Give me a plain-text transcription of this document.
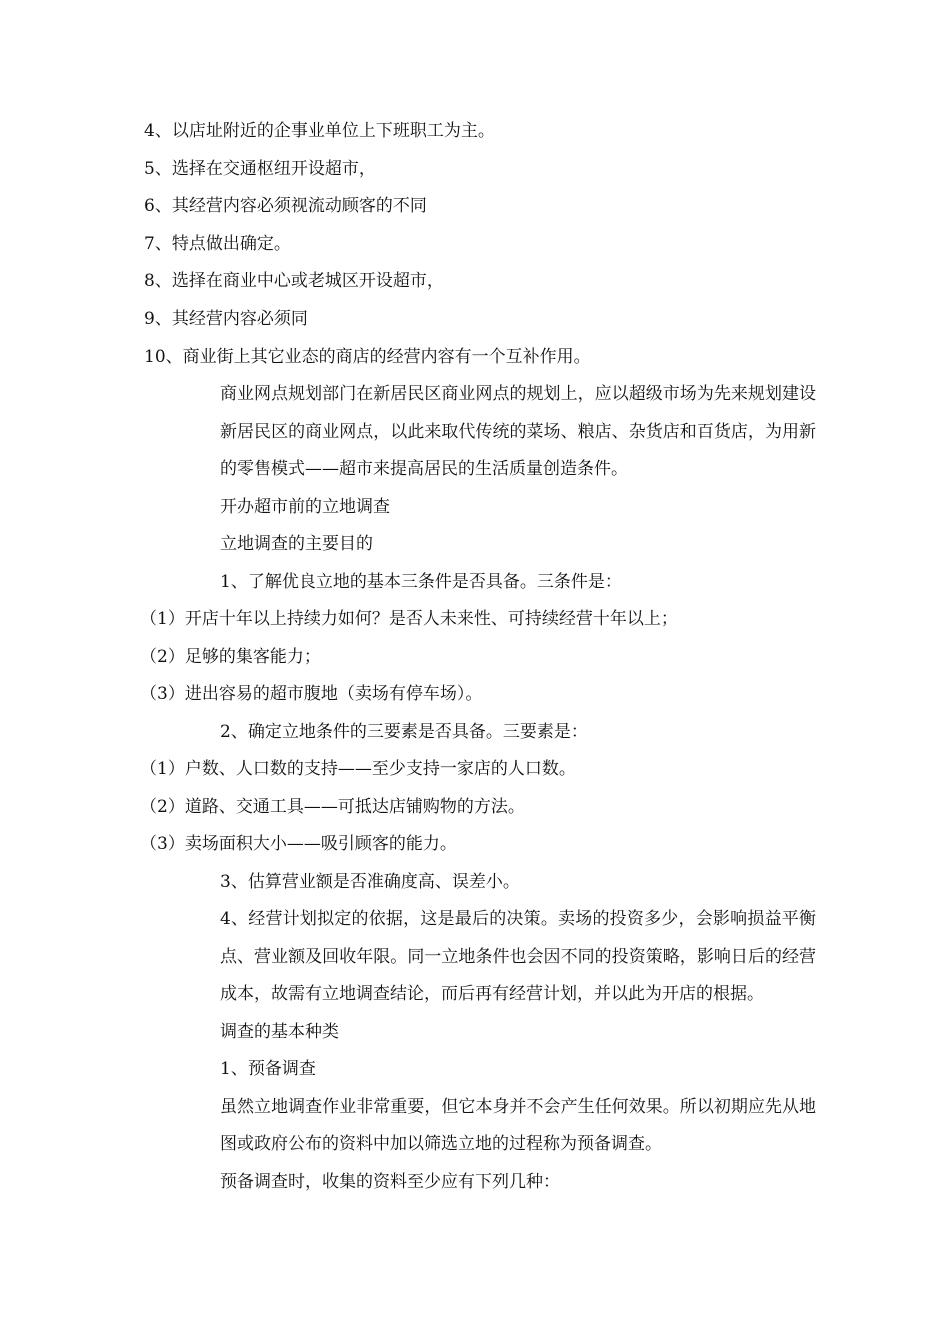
4、以店址附近的企事业单位上下班职工为主。

5、选择在交通枢纽开设超市，

6、其经营内容必须视流动顾客的不同

7、特点做出确定。

8、选择在商业中心或老城区开设超市，

9、其经营内容必须同

10、商业街上其它业态的商店的经营内容有一个互补作用。

商业网点规划部门在新居民区商业网点的规划上，应以超级市场为先来规划建设新居民区的商业网点，以此来取代传统的菜场、粮店、杂货店和百货店，为用新的零售模式——超市来提高居民的生活质量创造条件。

开办超市前的立地调查

立地调查的主要目的

1、了解优良立地的基本三条件是否具备。三条件是：

（1）开店十年以上持续力如何？是否人未来性、可持续经营十年以上；

（2）足够的集客能力；

（3）进出容易的超市腹地（卖场有停车场）。

2、确定立地条件的三要素是否具备。三要素是：

（1）户数、人口数的支持——至少支持一家店的人口数。

（2）道路、交通工具——可抵达店铺购物的方法。

（3）卖场面积大小——吸引顾客的能力。

3、估算营业额是否准确度高、误差小。

4、经营计划拟定的依据，这是最后的决策。卖场的投资多少，会影响损益平衡点、营业额及回收年限。同一立地条件也会因不同的投资策略，影响日后的经营成本，故需有立地调查结论，而后再有经营计划，并以此为开店的根据。

调查的基本种类

1、预备调查

虽然立地调查作业非常重要，但它本身并不会产生任何效果。所以初期应先从地图或政府公布的资料中加以筛选立地的过程称为预备调查。

预备调查时，收集的资料至少应有下列几种：
